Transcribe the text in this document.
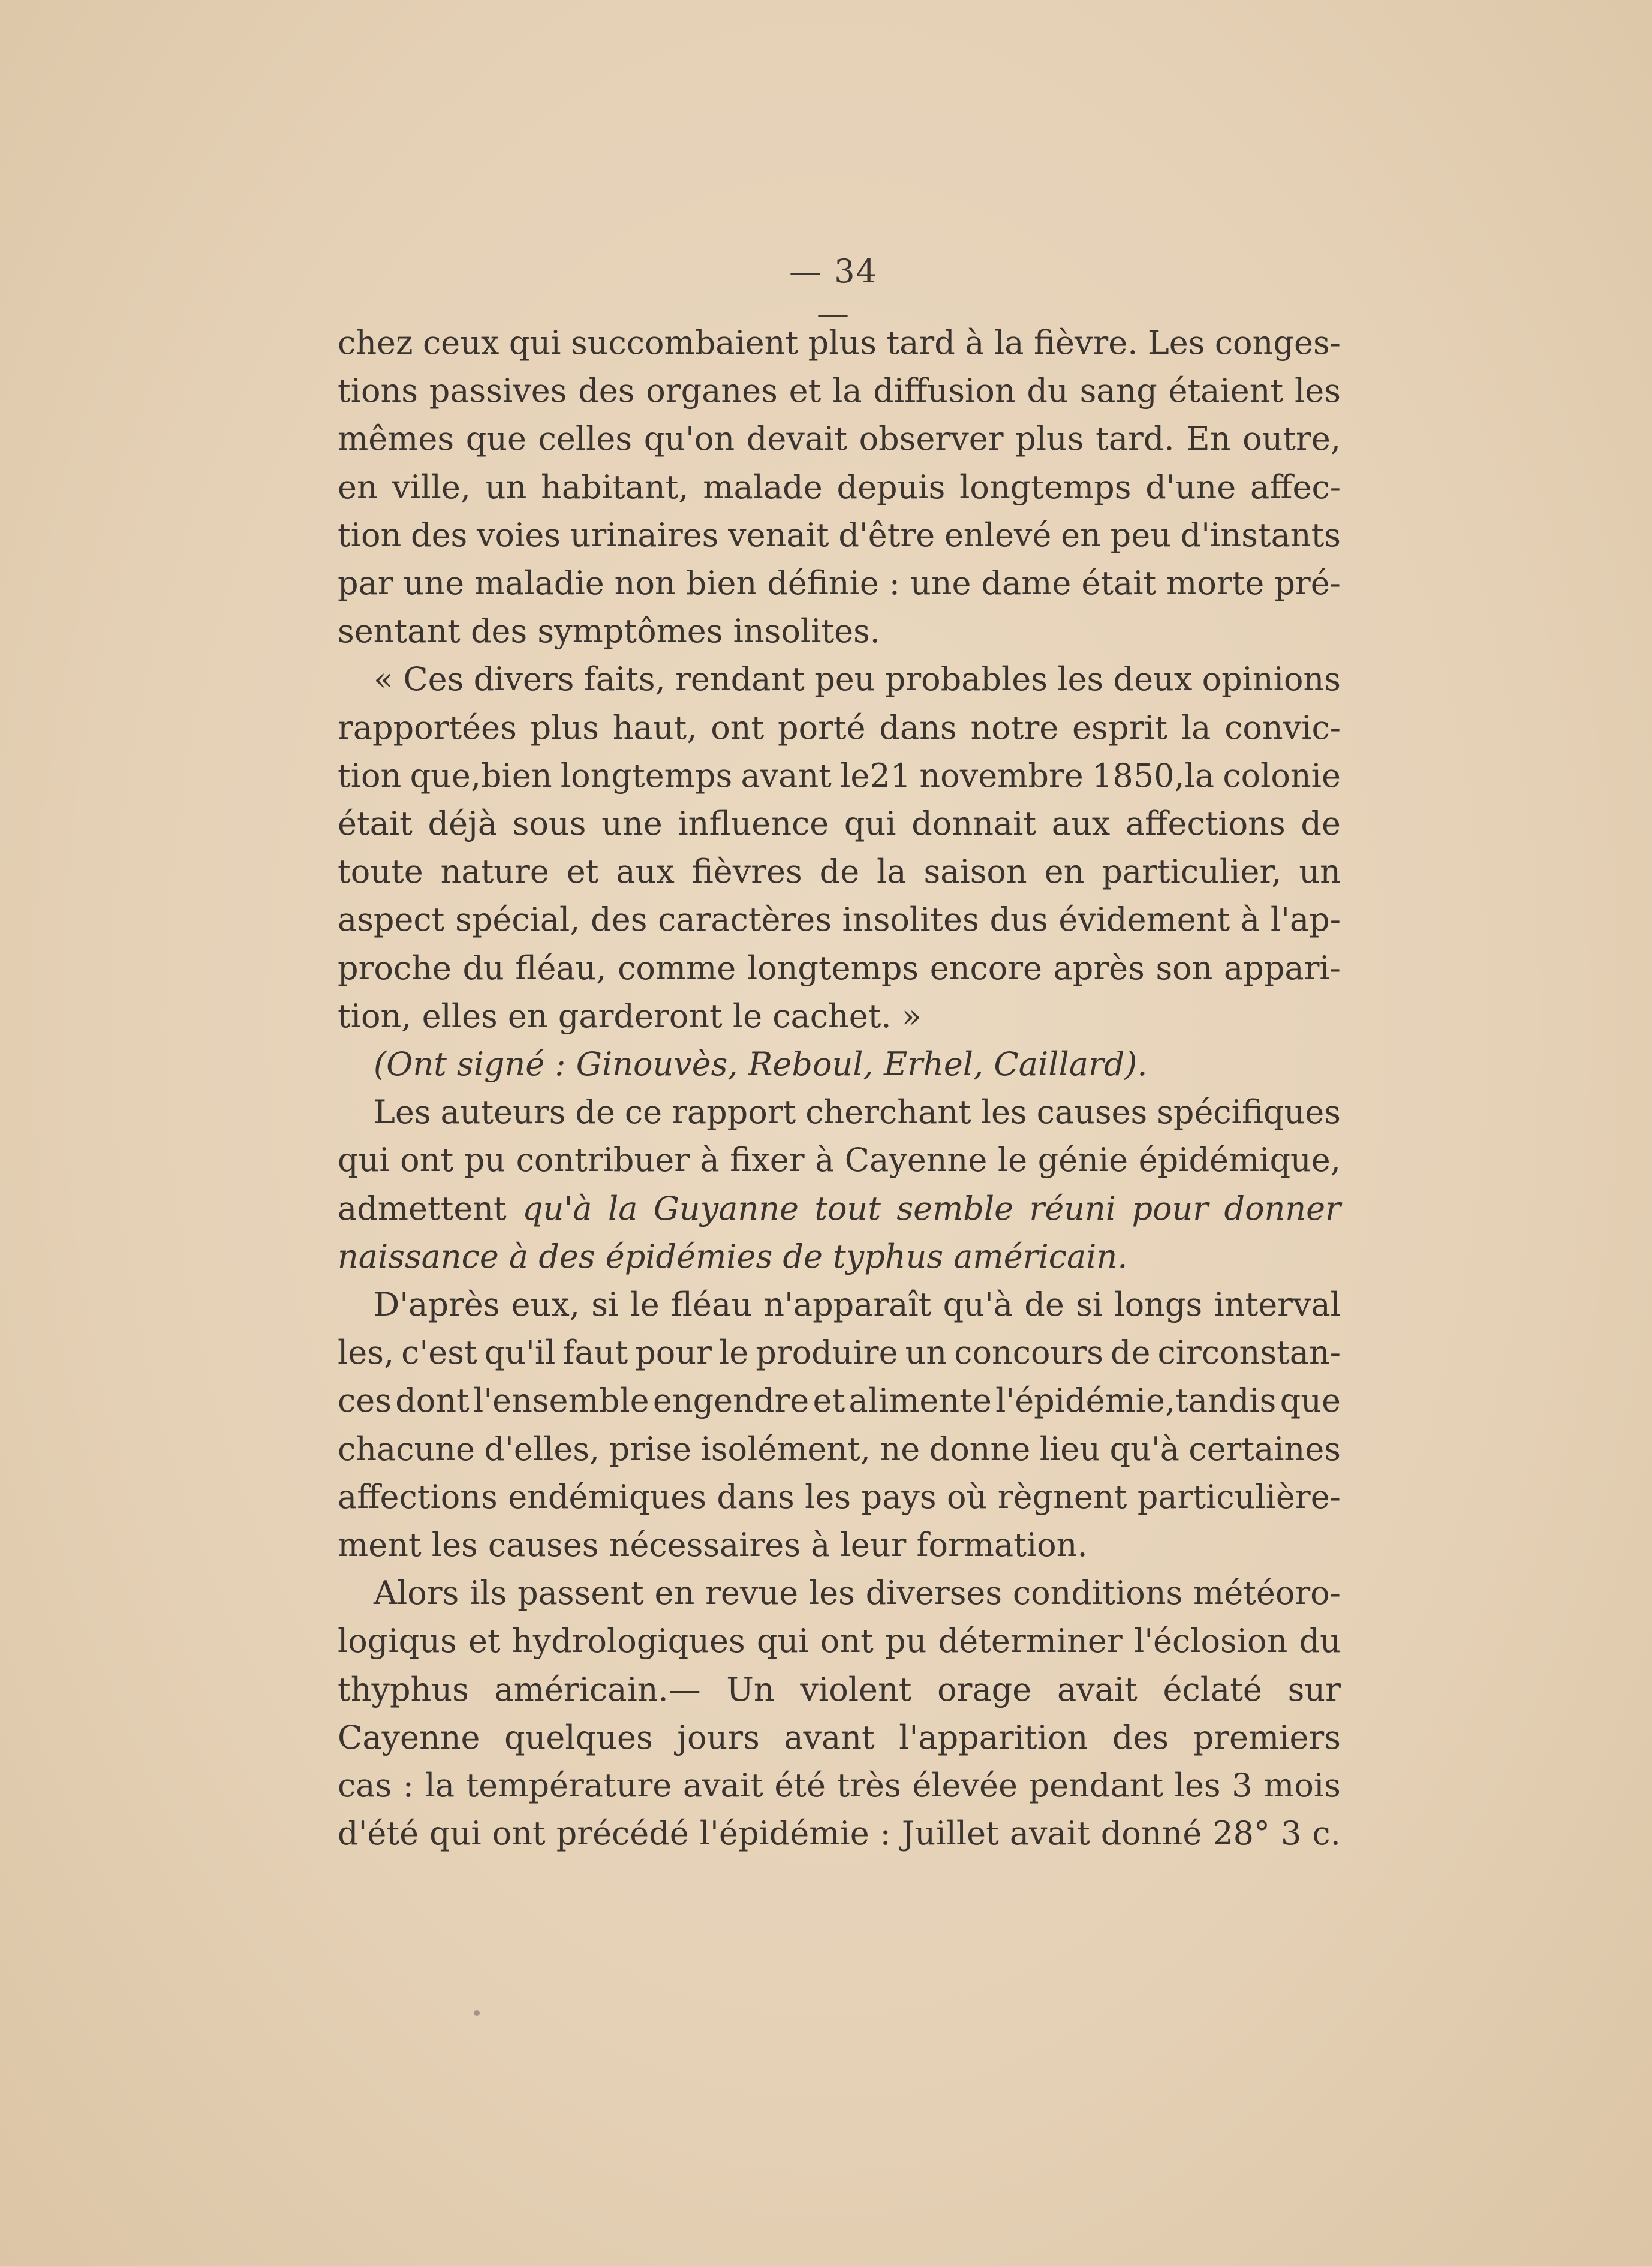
— 34 —
chez ceux qui succombaient plus tard à la fièvre. Les conges-
tions passives des organes et la diffusion du sang étaient les
mêmes que celles qu'on devait observer plus tard. En outre,
en ville, un habitant, malade depuis longtemps d'une affec-
tion des voies urinaires venait d'être enlevé en peu d'instants
par une maladie non bien définie : une dame était morte pré-
sentant des symptômes insolites.
« Ces divers faits, rendant peu probables les deux opinions
rapportées plus haut, ont porté dans notre esprit la convic-
tion que,bien longtemps avant le21 novembre 1850,la colonie
était déjà sous une influence qui donnait aux affections de
toute nature et aux fièvres de la saison en particulier, un
aspect spécial, des caractères insolites dus évidement à l'ap-
proche du fléau, comme longtemps encore après son appari-
tion, elles en garderont le cachet. »
(Ont signé : Ginouvès, Reboul, Erhel, Caillard).
Les auteurs de ce rapport cherchant les causes spécifiques
qui ont pu contribuer à fixer à Cayenne le génie épidémique,
admettent qu'à la Guyanne tout semble réuni pour donner
naissance à des épidémies de typhus américain.
D'après eux, si le fléau n'apparaît qu'à de si longs interval
les, c'est qu'il faut pour le produire un concours de circonstan-
ces dont l'ensemble engendre et alimente l'épidémie,tandis que
chacune d'elles, prise isolément, ne donne lieu qu'à certaines
affections endémiques dans les pays où règnent particulière-
ment les causes nécessaires à leur formation.
Alors ils passent en revue les diverses conditions météoro-
logiqus et hydrologiques qui ont pu déterminer l'éclosion du
thyphus américain.— Un violent orage avait éclaté sur
Cayenne quelques jours avant l'apparition des premiers
cas : la température avait été très élevée pendant les 3 mois
d'été qui ont précédé l'épidémie : Juillet avait donné 28° 3 c.
